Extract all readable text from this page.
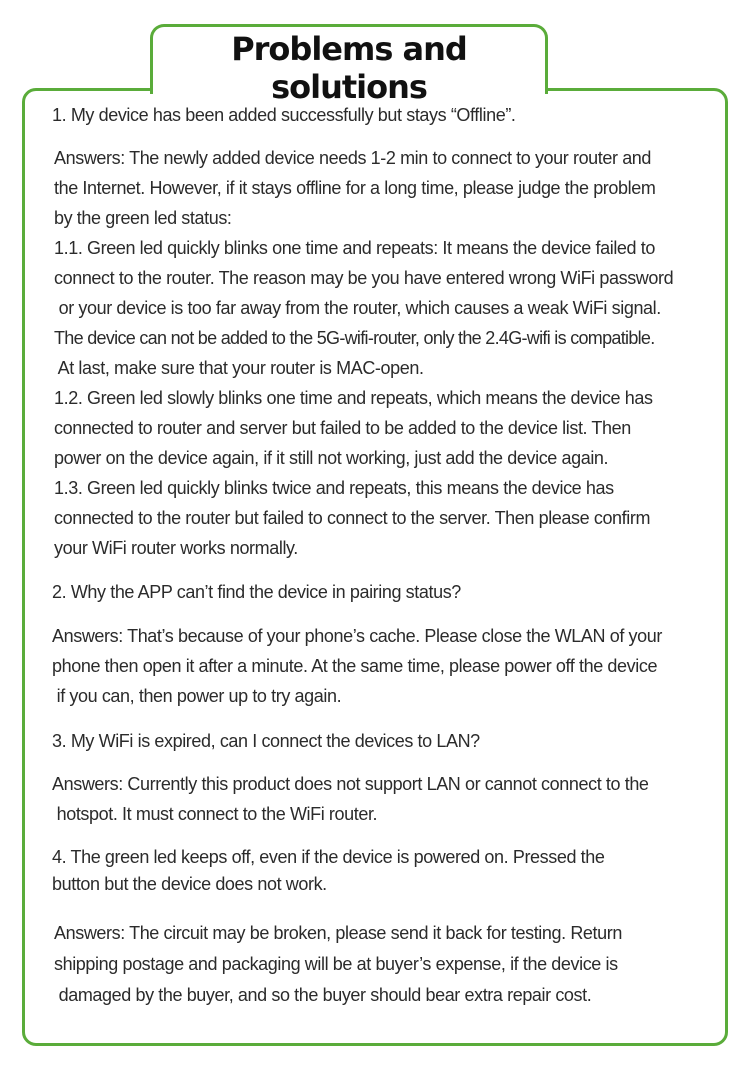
Problems and solutions

1. My device has been added successfully but stays “Offline”.

Answers: The newly added device needs 1-2 min to connect to your router and

the Internet. However, if it stays offline for a long time, please judge the problem

by the green led status:

1.1. Green led quickly blinks one time and repeats: It means the device failed to

connect to the router. The reason may be you have entered wrong WiFi password

or your device is too far away from the router, which causes a weak WiFi signal.

The device can not be added to the 5G-wifi-router, only the 2.4G-wifi is compatible.

At last, make sure that your router is MAC-open.

1.2. Green led slowly blinks one time and repeats, which means the device has

connected to router and server but failed to be added to the device list. Then

power on the device again, if it still not working, just add the device again.

1.3. Green led quickly blinks twice and repeats, this means the device has

connected to the router but failed to connect to the server. Then please confirm

your WiFi router works normally.

2. Why the APP can’t find the device in pairing status?

Answers: That’s because of your phone’s cache. Please close the WLAN of your

phone then open it after a minute. At the same time, please power off the device

if you can, then power up to try again.

3. My WiFi is expired, can I connect the devices to LAN?

Answers: Currently this product does not support LAN or cannot connect to the

hotspot. It must connect to the WiFi router.

4. The green led keeps off, even if the device is powered on. Pressed the

button but the device does not work.

Answers: The circuit may be broken, please send it back for testing. Return

shipping postage and packaging will be at buyer’s expense, if the device is

damaged by the buyer, and so the buyer should bear extra repair cost.
